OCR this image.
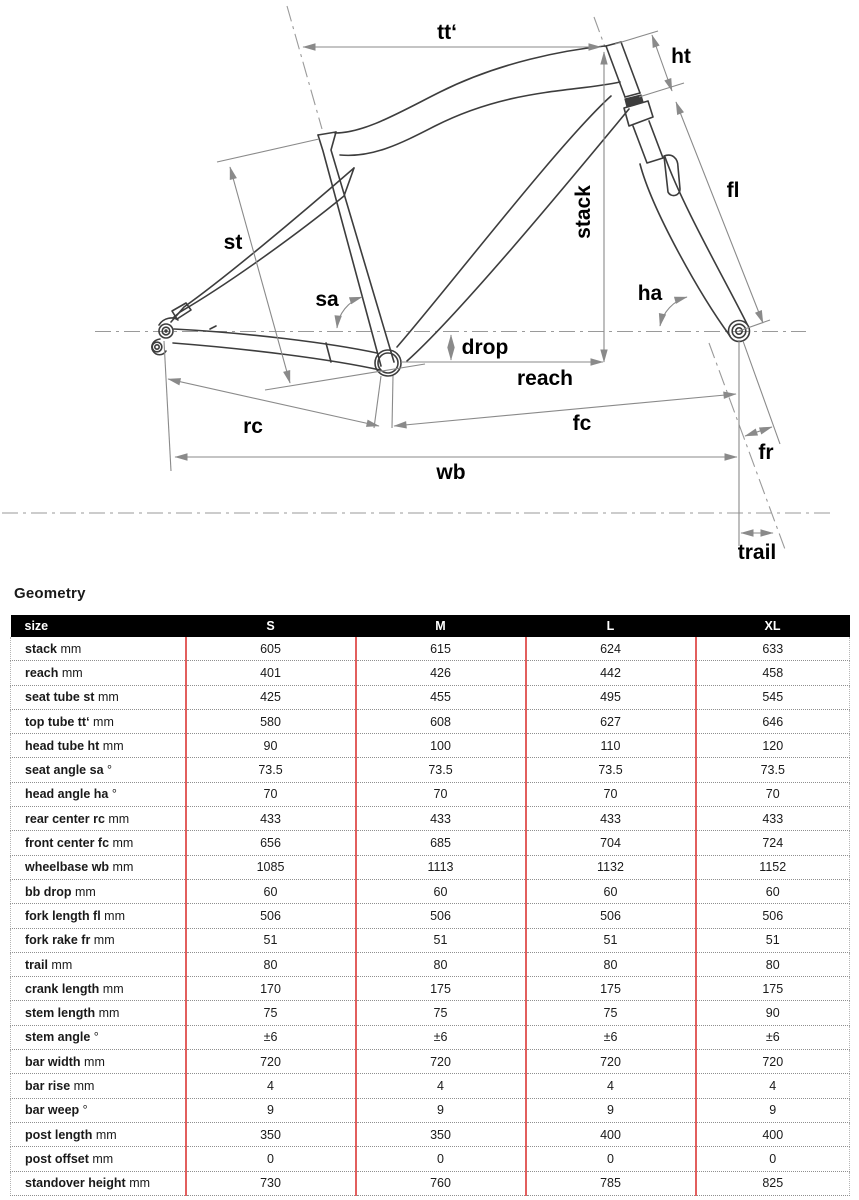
tt‘
ht
st
sa
stack
ha
fl
drop
reach
rc	fc
fr
wb
trail
Geometry
size	S	M	L	XL
stack mm	605	615	624	633
reach mm	401	426	442	458
seat tube st mm	425	455	495	545
top tube tt‘ mm	580	608	627	646
head tube ht mm	90	100	110	120
seat angle sa °	73.5	73.5	73.5	73.5
head angle ha °	70	70	70	70
rear center rc mm	433	433	433	433
front center fc mm	656	685	704	724
wheelbase wb mm	1085	1113	1132	1152
bb drop mm	60	60	60	60
fork length fl mm	506	506	506	506
fork rake fr mm	51	51	51	51
trail mm	80	80	80	80
crank length mm	170	175	175	175
stem length mm	75	75	75	90
stem angle °	±6	±6	±6	±6
bar width mm	720	720	720	720
bar rise mm	4	4	4	4
bar weep °	9	9	9	9
post length mm	350	350	400	400
post offset mm	0	0	0	0
standover height mm	730	760	785	825
